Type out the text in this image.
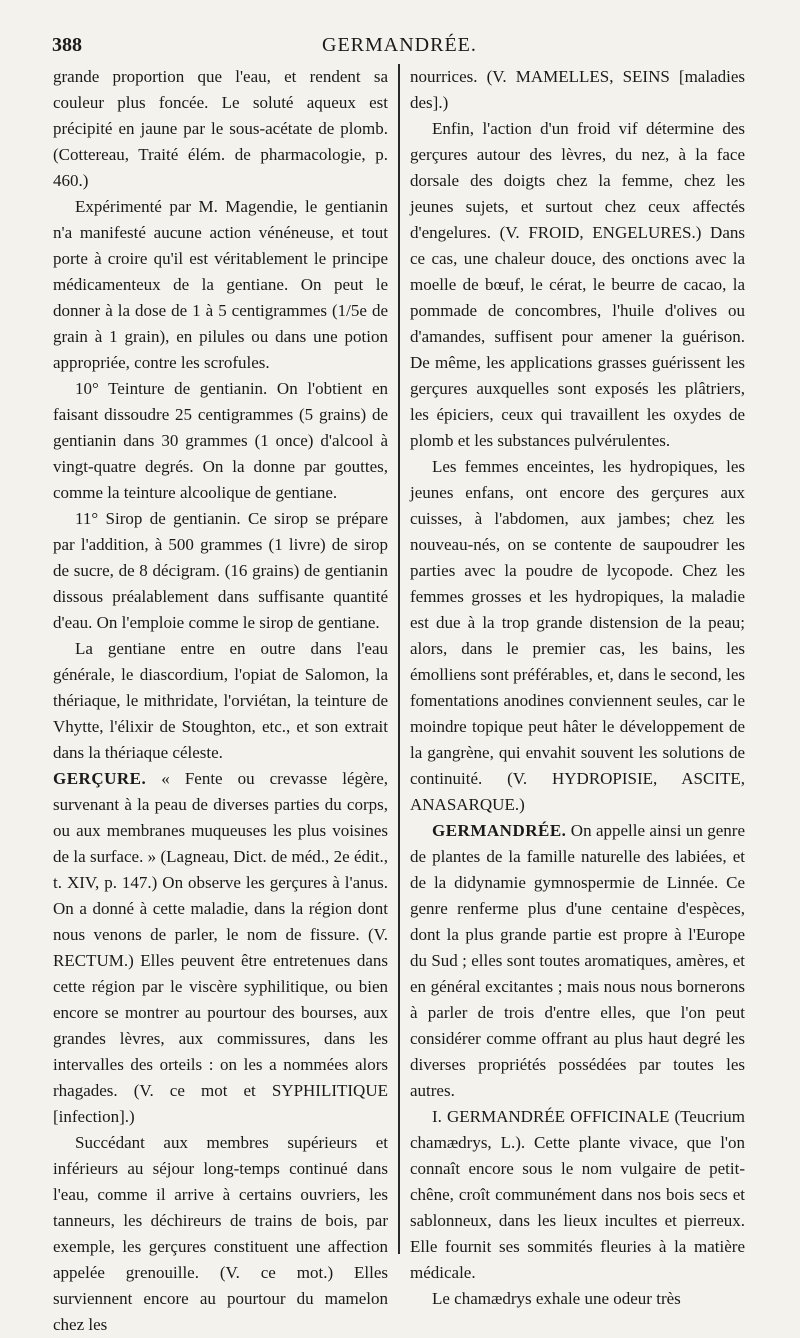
388	GERMANDRÉE.

grande proportion que l'eau, et rendent sa couleur plus foncée. Le soluté aqueux est précipité en jaune par le sous-acétate de plomb. (Cottereau, Traité élém. de pharmacologie, p. 460.)

Expérimenté par M. Magendie, le gentianin n'a manifesté aucune action vénéneuse, et tout porte à croire qu'il est véritablement le principe médicamenteux de la gentiane. On peut le donner à la dose de 1 à 5 centigrammes (1/5e de grain à 1 grain), en pilules ou dans une potion appropriée, contre les scrofules.

10° Teinture de gentianin. On l'obtient en faisant dissoudre 25 centigrammes (5 grains) de gentianin dans 30 grammes (1 once) d'alcool à vingt-quatre degrés. On la donne par gouttes, comme la teinture alcoolique de gentiane.

11° Sirop de gentianin. Ce sirop se prépare par l'addition, à 500 grammes (1 livre) de sirop de sucre, de 8 décigram. (16 grains) de gentianin dissous préalablement dans suffisante quantité d'eau. On l'emploie comme le sirop de gentiane.

La gentiane entre en outre dans l'eau générale, le diascordium, l'opiat de Salomon, la thériaque, le mithridate, l'orviétan, la teinture de Vhytte, l'élixir de Stoughton, etc., et son extrait dans la thériaque céleste.

GERÇURE. « Fente ou crevasse légère, survenant à la peau de diverses parties du corps, ou aux membranes muqueuses les plus voisines de la surface. » (Lagneau, Dict. de méd., 2e édit., t. XIV, p. 147.) On observe les gerçures à l'anus. On a donné à cette maladie, dans la région dont nous venons de parler, le nom de fissure. (V. RECTUM.) Elles peuvent être entretenues dans cette région par le viscère syphilitique, ou bien encore se montrer au pourtour des bourses, aux grandes lèvres, aux commissures, dans les intervalles des orteils : on les a nommées alors rhagades. (V. ce mot et SYPHILITIQUE [infection].)

Succédant aux membres supérieurs et inférieurs au séjour long-temps continué dans l'eau, comme il arrive à certains ouvriers, les tanneurs, les déchireurs de trains de bois, par exemple, les gerçures constituent une affection appelée grenouille. (V. ce mot.) Elles surviennent encore au pourtour du mamelon chez les

nourrices. (V. MAMELLES, SEINS [maladies des].)

Enfin, l'action d'un froid vif détermine des gerçures autour des lèvres, du nez, à la face dorsale des doigts chez la femme, chez les jeunes sujets, et surtout chez ceux affectés d'engelures. (V. FROID, ENGELURES.) Dans ce cas, une chaleur douce, des onctions avec la moelle de bœuf, le cérat, le beurre de cacao, la pommade de concombres, l'huile d'olives ou d'amandes, suffisent pour amener la guérison. De même, les applications grasses guérissent les gerçures auxquelles sont exposés les plâtriers, les épiciers, ceux qui travaillent les oxydes de plomb et les substances pulvérulentes.

Les femmes enceintes, les hydropiques, les jeunes enfans, ont encore des gerçures aux cuisses, à l'abdomen, aux jambes; chez les nouveau-nés, on se contente de saupoudrer les parties avec la poudre de lycopode. Chez les femmes grosses et les hydropiques, la maladie est due à la trop grande distension de la peau; alors, dans le premier cas, les bains, les émolliens sont préférables, et, dans le second, les fomentations anodines conviennent seules, car le moindre topique peut hâter le développement de la gangrène, qui envahit souvent les solutions de continuité. (V. HYDROPISIE, ASCITE, ANASARQUE.)

GERMANDRÉE. On appelle ainsi un genre de plantes de la famille naturelle des labiées, et de la didynamie gymnospermie de Linnée. Ce genre renferme plus d'une centaine d'espèces, dont la plus grande partie est propre à l'Europe du Sud ; elles sont toutes aromatiques, amères, et en général excitantes ; mais nous nous bornerons à parler de trois d'entre elles, que l'on peut considérer comme offrant au plus haut degré les diverses propriétés possédées par toutes les autres.

I. GERMANDRÉE OFFICINALE (Teucrium chamædrys, L.). Cette plante vivace, que l'on connaît encore sous le nom vulgaire de petit-chêne, croît communément dans nos bois secs et sablonneux, dans les lieux incultes et pierreux. Elle fournit ses sommités fleuries à la matière médicale.

Le chamædrys exhale une odeur très
